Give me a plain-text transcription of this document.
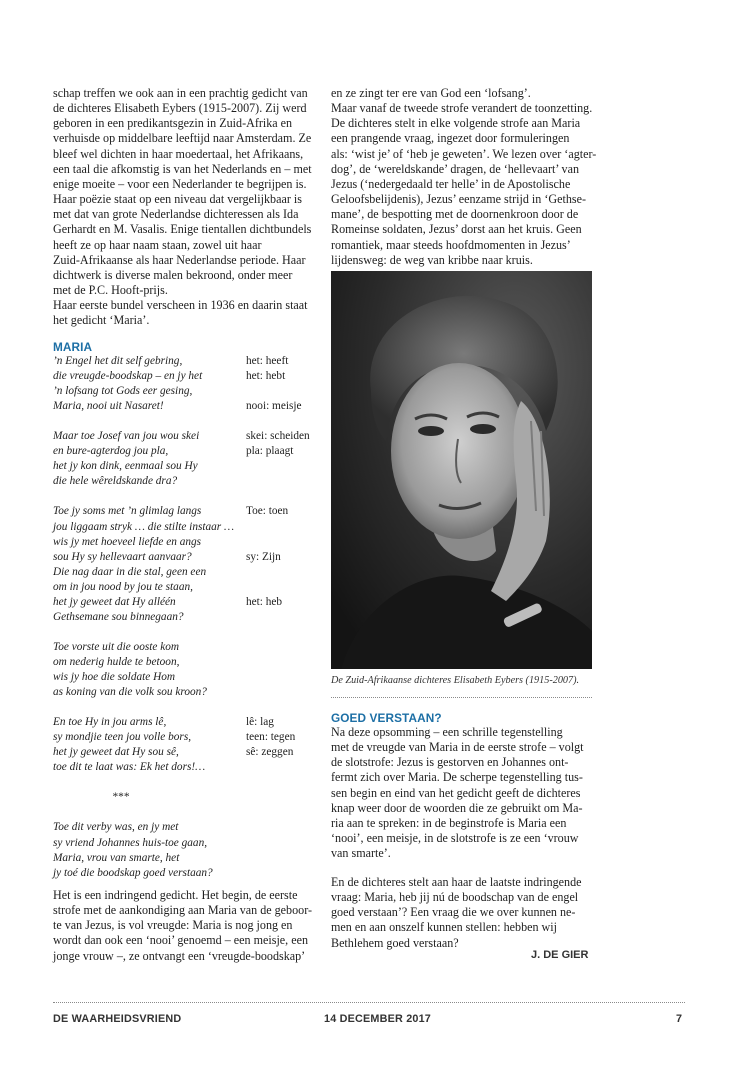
schap treffen we ook aan in een prachtig gedicht van
de dichteres Elisabeth Eybers (1915-2007). Zij werd
geboren in een predikantsgezin in Zuid-Afrika en
verhuisde op middelbare leeftijd naar Amsterdam. Ze
bleef wel dichten in haar moedertaal, het Afrikaans,
een taal die afkomstig is van het Nederlands en – met
enige moeite – voor een Nederlander te begrijpen is.
Haar poëzie staat op een niveau dat vergelijkbaar is
met dat van grote Nederlandse dichteressen als Ida
Gerhardt en M. Vasalis. Enige tientallen dichtbundels
heeft ze op haar naam staan, zowel uit haar
Zuid-Afrikaanse als haar Nederlandse periode. Haar
dichtwerk is diverse malen bekroond, onder meer
met de P.C. Hooft-prijs.
Haar eerste bundel verscheen in 1936 en daarin staat
het gedicht ‘Maria’.
MARIA
’n Engel het dit self gebring,	het: heeft
die vreugde-boodskap – en jy het	het: hebt
’n lofsang tot Gods eer gesing,
Maria, nooi uit Nasaret!	nooi: meisje
Maar toe Josef van jou wou skei	skei: scheiden
en bure-agterdog jou pla,	pla: plaagt
het jy kon dink, eenmaal sou Hy
die hele wêreldskande dra?
Toe jy soms met ’n glimlag langs	Toe: toen
jou liggaam stryk … die stilte instaar …
wis jy met hoeveel liefde en angs
sou Hy sy hellevaart aanvaar?	sy: Zijn
Die nag daar in die stal, geen een
om in jou nood by jou te staan,
het jy geweet dat Hy alléén	het: heb
Gethsemane sou binnegaan?
Toe vorste uit die ooste kom
om nederig hulde te betoon,
wis jy hoe die soldate Hom
as koning van die volk sou kroon?
En toe Hy in jou arms lê,	lê: lag
sy mondjie teen jou volle bors,	teen: tegen
het jy geweet dat Hy sou sê,	sê: zeggen
toe dit te laat was: Ek het dors!…
***
Toe dit verby was, en jy met
sy vriend Johannes huis-toe gaan,
Maria, vrou van smarte, het
jy toé die boodskap goed verstaan?
Het is een indringend gedicht. Het begin, de eerste
strofe met de aankondiging aan Maria van de geboor-
te van Jezus, is vol vreugde: Maria is nog jong en
wordt dan ook een ‘nooi’ genoemd – een meisje, een
jonge vrouw –, ze ontvangt een ‘vreugde-boodskap’
en ze zingt ter ere van God een ‘lofsang’.
Maar vanaf de tweede strofe verandert de toonzetting.
De dichteres stelt in elke volgende strofe aan Maria
een prangende vraag, ingezet door formuleringen
als: ‘wist je’ of ‘heb je geweten’. We lezen over ‘agter-
dog’, de ‘wereldskande’ dragen, de ‘hellevaart’ van
Jezus (‘nedergedaald ter helle’ in de Apostolische
Geloofsbelijdenis), Jezus’ eenzame strijd in ‘Gethse-
mane’, de bespotting met de doornenkroon door de
Romeinse soldaten, Jezus’ dorst aan het kruis. Geen
romantiek, maar steeds hoofdmomenten in Jezus’
lijdensweg: de weg van kribbe naar kruis.
De Zuid-Afrikaanse dichteres Elisabeth Eybers (1915-2007).
GOED VERSTAAN?
Na deze opsomming – een schrille tegenstelling
met de vreugde van Maria in de eerste strofe – volgt
de slotstrofe: Jezus is gestorven en Johannes ont-
fermt zich over Maria. De scherpe tegenstelling tus-
sen begin en eind van het gedicht geeft de dichteres
knap weer door de woorden die ze gebruikt om Ma-
ria aan te spreken: in de beginstrofe is Maria een
‘nooi’, een meisje, in de slotstrofe is ze een ‘vrouw
van smarte’.
En de dichteres stelt aan haar de laatste indringende
vraag: Maria, heb jij nú de boodschap van de engel
goed verstaan’? Een vraag die we over kunnen ne-
men en aan onszelf kunnen stellen: hebben wij
Bethlehem goed verstaan?
J. DE GIER
DE WAARHEIDSVRIEND	14 DECEMBER 2017	7
